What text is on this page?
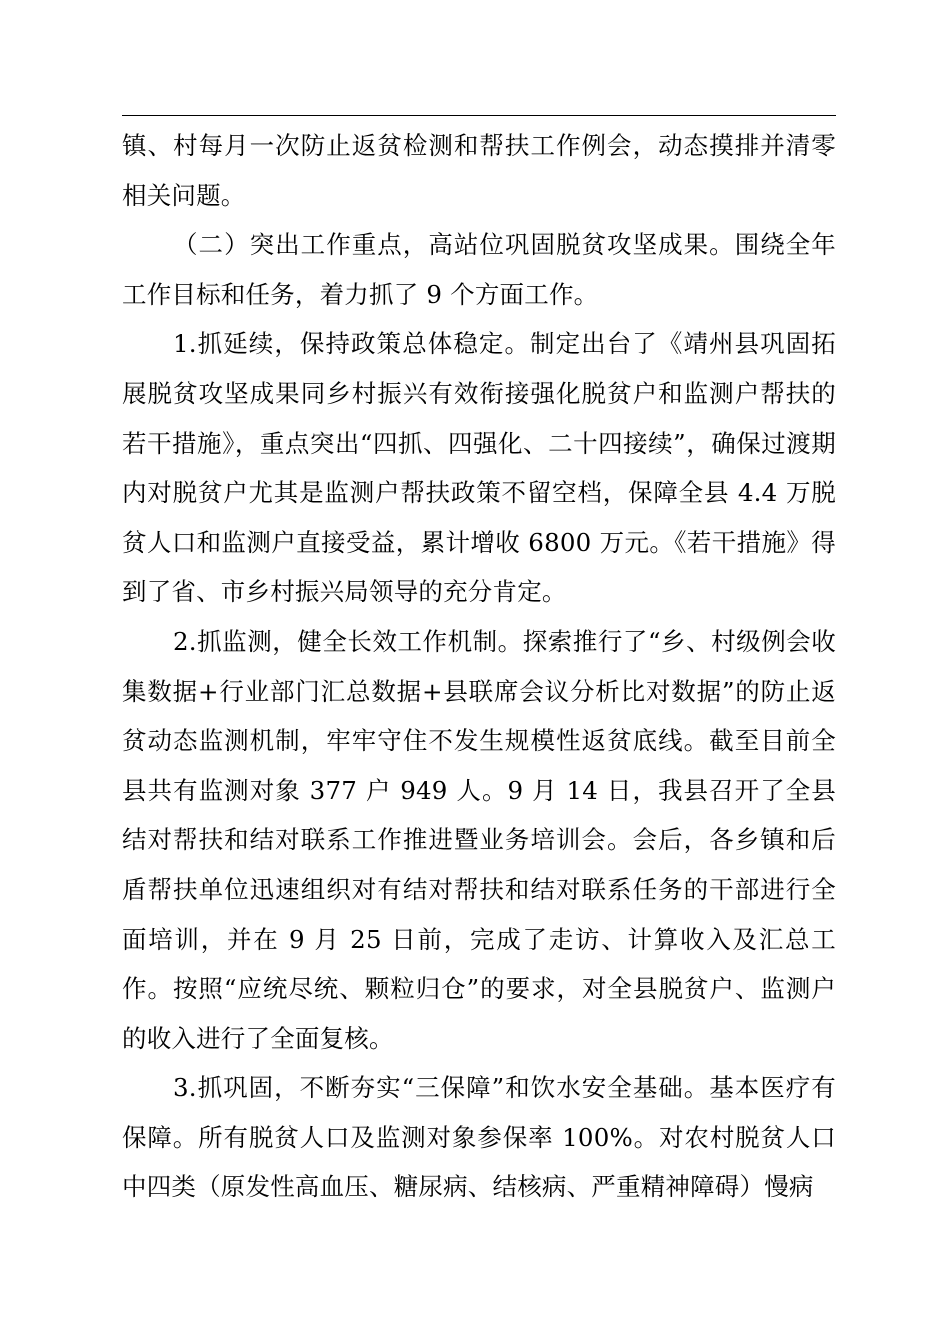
镇、村每月一次防止返贫检测和帮扶工作例会，动态摸排并清零相关问题。

（二）突出工作重点，高站位巩固脱贫攻坚成果。围绕全年工作目标和任务，着力抓了 9 个方面工作。

1.抓延续，保持政策总体稳定。制定出台了《靖州县巩固拓展脱贫攻坚成果同乡村振兴有效衔接强化脱贫户和监测户帮扶的若干措施》，重点突出“四抓、四强化、二十四接续”，确保过渡期内对脱贫户尤其是监测户帮扶政策不留空档，保障全县 4.4 万脱贫人口和监测户直接受益，累计增收 6800 万元。《若干措施》得到了省、市乡村振兴局领导的充分肯定。

2.抓监测，健全长效工作机制。探索推行了“乡、村级例会收集数据+行业部门汇总数据+县联席会议分析比对数据”的防止返贫动态监测机制，牢牢守住不发生规模性返贫底线。截至目前全县共有监测对象 377 户 949 人。9 月 14 日，我县召开了全县结对帮扶和结对联系工作推进暨业务培训会。会后，各乡镇和后盾帮扶单位迅速组织对有结对帮扶和结对联系任务的干部进行全面培训，并在 9 月 25 日前，完成了走访、计算收入及汇总工作。按照“应统尽统、颗粒归仓”的要求，对全县脱贫户、监测户的收入进行了全面复核。

3.抓巩固，不断夯实“三保障”和饮水安全基础。基本医疗有保障。所有脱贫人口及监测对象参保率 100%。对农村脱贫人口中四类（原发性高血压、糖尿病、结核病、严重精神障碍）慢病
